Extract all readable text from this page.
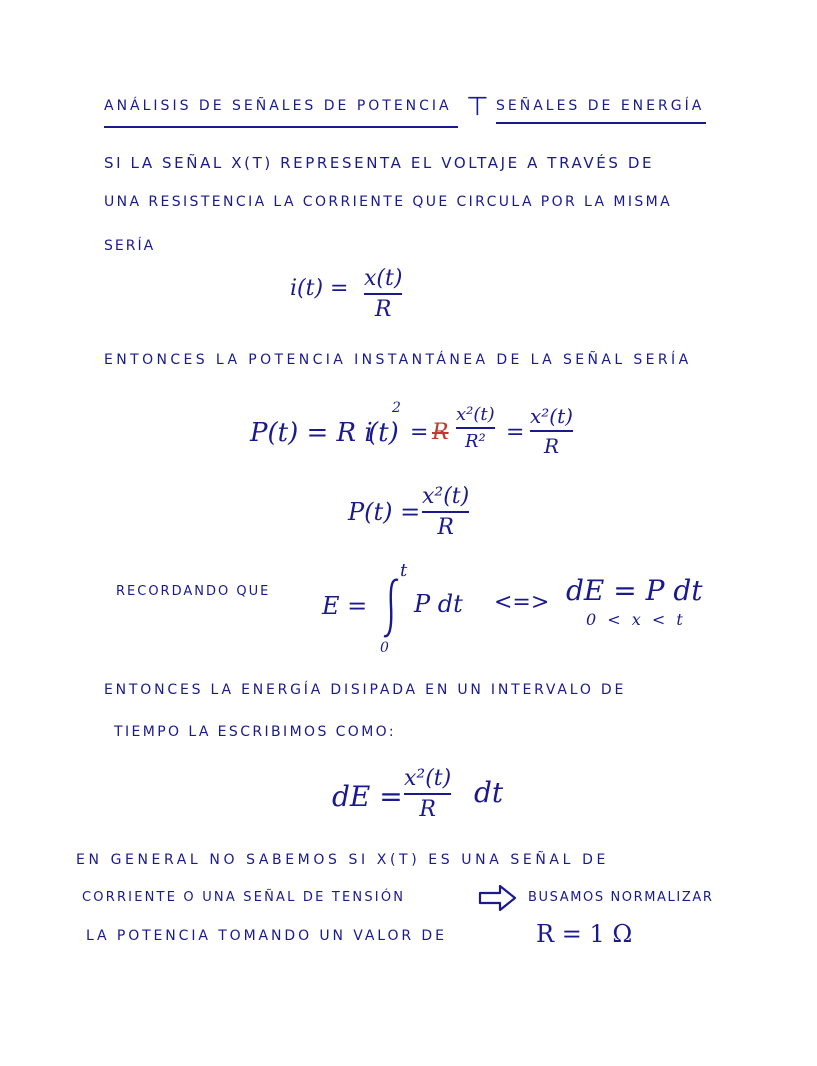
ANÁLISIS DE SEÑALES DE POTENCIA ⊤ SEÑALES DE ENERGÍA
SI LA SEÑAL X(T) REPRESENTA EL VOLTAJE A TRAVÉS DE
UNA RESISTENCIA LA CORRIENTE QUE CIRCULA POR LA MISMA
SERÍA
i(t) = x(t)
R
ENTONCES LA POTENCIA INSTANTÁNEA DE LA SEÑAL SERÍA
P(t) = R i
(t)
2
= R
x²(t)
R² =
x²(t)
R
P(t) =
x²(t)
R
RECORDANDO QUE
E =
t
0
P dt <=> dE = P dt
0 < x < t
ENTONCES LA ENERGÍA DISIPADA EN UN INTERVALO DE
TIEMPO LA ESCRIBIMOS COMO:
dE =
x²(t)
R
dt
EN GENERAL NO SABEMOS SI X(T) ES UNA SEÑAL DE
CORRIENTE O UNA SEÑAL DE TENSIÓN	BUSAMOS NORMALIZAR
LA POTENCIA TOMANDO UN VALOR DE	R = 1 Ω
